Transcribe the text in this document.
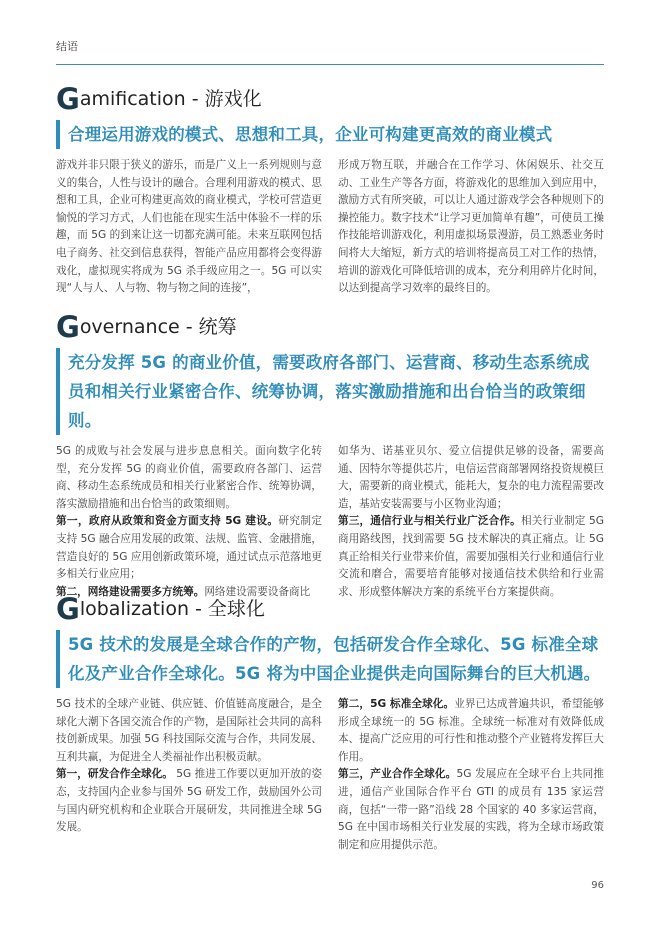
结语
Gamification - 游戏化
合理运用游戏的模式、思想和工具，企业可构建更高效的商业模式

游戏并非只限于狭义的游乐，而是广义上一系列规则与意义的集合，人性与设计的融合。合理利用游戏的模式、思想和工具，企业可构建更高效的商业模式，学校可营造更愉悦的学习方式，人们也能在现实生活中体验不一样的乐趣，而 5G 的到来让这一切都充满可能。未来互联网包括电子商务、社交到信息获得，智能产品应用都将会变得游戏化，虚拟现实将成为 5G 杀手级应用之一。5G 可以实现“人与人、人与物、物与物之间的连接”，

形成万物互联，并融合在工作学习、休闲娱乐、社交互动、工业生产等各方面，将游戏化的思维加入到应用中，激励方式有所突破，可以让人通过游戏学会各种规则下的操控能力。数字技术“让学习更加简单有趣”，可使员工操作技能培训游戏化，利用虚拟场景漫游，员工熟悉业务时间将大大缩短，新方式的培训将提高员工对工作的热情，培训的游戏化可降低培训的成本，充分利用碎片化时间，以达到提高学习效率的最终目的。

Governance - 统筹
充分发挥 5G 的商业价值，需要政府各部门、运营商、移动生态系统成员和相关行业紧密合作、统筹协调，落实激励措施和出台恰当的政策细则。

5G 的成败与社会发展与进步息息相关。面向数字化转型，充分发挥 5G 的商业价值，需要政府各部门、运营商、移动生态系统成员和相关行业紧密合作、统筹协调，落实激励措施和出台恰当的政策细则。

第一，政府从政策和资金方面支持 5G 建设。研究制定支持 5G 融合应用发展的政策、法规、监管、金融措施，营造良好的 5G 应用创新政策环境，通过试点示范落地更多相关行业应用；

第二，网络建设需要多方统筹。网络建设需要设备商比

如华为、诺基亚贝尔、爱立信提供足够的设备，需要高通、因特尔等提供芯片，电信运营商部署网络投资规模巨大，需要新的商业模式，能耗大，复杂的电力流程需要改造，基站安装需要与小区物业沟通；

第三，通信行业与相关行业广泛合作。相关行业制定 5G 商用路线图，找到需要 5G 技术解决的真正痛点。让 5G 真正给相关行业带来价值，需要加强相关行业和通信行业交流和磨合，需要培育能够对接通信技术供给和行业需求、形成整体解决方案的系统平台方案提供商。

Globalization - 全球化
5G 技术的发展是全球合作的产物，包括研发合作全球化、5G 标准全球化及产业合作全球化。5G 将为中国企业提供走向国际舞台的巨大机遇。

5G 技术的全球产业链、供应链、价值链高度融合，是全球化大潮下各国交流合作的产物，是国际社会共同的高科技创新成果。加强 5G 科技国际交流与合作，共同发展、互利共赢，为促进全人类福祉作出积极贡献。

第一，研发合作全球化。 5G 推进工作要以更加开放的姿态，支持国内企业参与国外 5G 研发工作，鼓励国外公司与国内研究机构和企业联合开展研发，共同推进全球 5G 发展。

第二，5G 标准全球化。业界已达成普遍共识，希望能够形成全球统一的 5G 标准。全球统一标准对有效降低成本、提高广泛应用的可行性和推动整个产业链将发挥巨大作用。

第三，产业合作全球化。5G 发展应在全球平台上共同推进，通信产业国际合作平台 GTI 的成员有 135 家运营商，包括“一带一路”沿线 28 个国家的 40 多家运营商，5G 在中国市场相关行业发展的实践，将为全球市场政策制定和应用提供示范。

96
